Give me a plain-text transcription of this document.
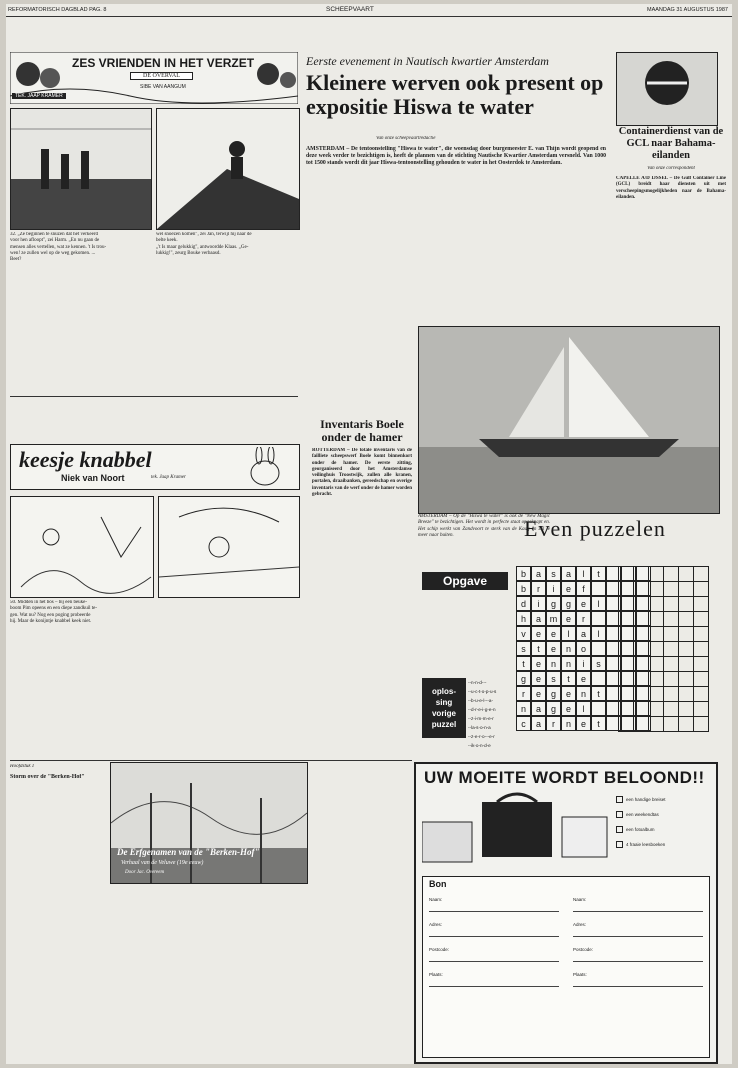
REFORMATORISCH DAGBLAD PAG. 8	SCHEEPVAART	MAANDAG 31 AUGUSTUS 1987
ZES VRIENDEN IN HET VERZET
DE OVERVAL
TEK. JAAP KRAMER
SIBE VAN AANGUM
32. „Ze beginnen te snuzen dat het verkeerd
voor hen afloopt", zei Harm. „En nu gaan de
mensen alles vertellen, wat ze kennen. 't Is trou-
wen! ze zullen wel op de weg gekomen. ...
Beet?
wel snoezen komen", zei Jan, terwijl hij naar de
belte keek.
„'t Is maar gelukkig", antwoordde Klaas. „Ge-
lukkig!", zeurg Bouke verbaasd.
keesje knabbel
Niek van Noort	tek. Jaap Kramer
50. Midden in het bos – bij een beuke-
boom Pim opeens en een diepe zandkuil te-
gen. Wat nu? Nog een poging probeerde
hij. Maar de konijntje knabbel keek niet.
Eerste evenement in Nautisch kwartier Amsterdam
Kleinere werven ook present op expositie Hiswa te water
Van onze scheepvaartredactie
AMSTERDAM – De tentoonstelling "Hiswa te water", die woensdag door burgemeester E. van Thijn wordt geopend en deze week verder te bezichtigen is, heeft de plannen van de stichting Nautische Kwartier Amsterdam versneld. Van 1000 tot 1500 stands wordt dit jaar Hiswa-tentoonstelling gehouden te water in het Oosterdok te Amsterdam.
AMSTERDAM – Op de "Hiswa te water" is ook de "New Magic Breeze" te bezichtigen. Het wordt in perfecte staat opgeknapt en. Het schip werkt van Zandvoort te sterk van de Kaag en zal te meer naar buiten.
Inventaris Boele onder de hamer
ROTTERDAM – De totale inventaris van de failliete scheepswerf Boele komt binnenkort onder de hamer. De eerste zitting, georganiseerd door het Amsterdamse veilinghuis Troostwijk, zullen alle kranen, portalen, draaibanken, gereedschap en overige inventaris van de werf onder de hamer worden gebracht.
Containerdienst van de GCL naar Bahama-eilanden
Van onze correspondent
CAPELLE A/D IJSSEL – De Gulf Container Line (GCL) breidt haar diensten uit met verscheepingsmogelijkheden naar de Bahama-eilanden.
Even puzzelen
Opgave
oplos-
sing
vorige
puzzel
--n-n-d---
--u-c-t-o-p-u-s
--b-u-e-l---a-
--d-r-e-i-g-e-n
--z-i-m-m-e-r
--la-s-o-n-a
--z-e-r-o---e-r
--ik-o-n-d-e
b	a	s	a	l	t
b	r	i	e	f
d	i	g	g	e	l
h	a m e	r
v	e	e	l	a	l
s	t	e	n	o
t	e	n	n	i	s
g	e	s	t	e
r	e	g	e	n	t
n	a	g	e	l
c	a	r	n	e	t
Hoofdstuk 1
Storm over de "Berken-Hof"
De Erfgenamen van de "Berken-Hof"
Verhaal van de Veluwe (19e eeuw)
Door Jac. Overeem
UW MOEITE WORDT BELOOND!!
een handige breiset
een weekendtas
een fotoalbum
4 fraaie leesboeken
Bon
Naam:
Adres:
Postcode:
Plaats:
Naam:
Adres:
Postcode:
Plaats:
